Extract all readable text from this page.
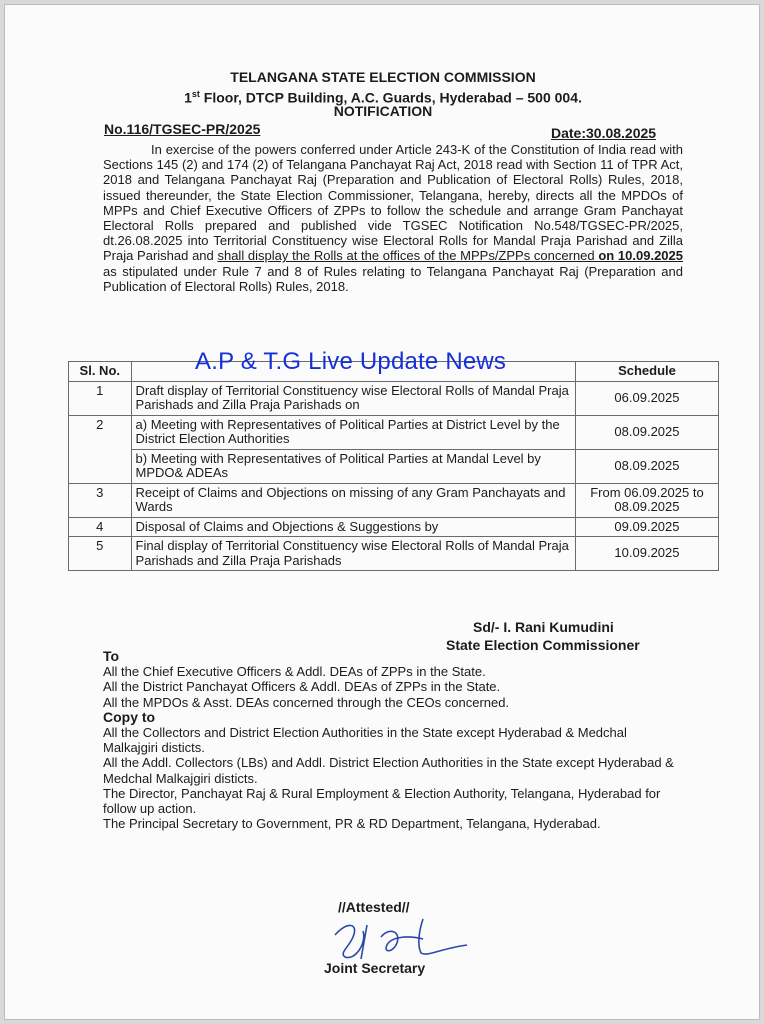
TELANGANA STATE ELECTION COMMISSION
1st Floor, DTCP Building, A.C. Guards, Hyderabad – 500 004.
NOTIFICATION
No.116/TGSEC-PR/2025	Date:30.08.2025

In exercise of the powers conferred under Article 243-K of the Constitution of India read with Sections 145 (2) and 174 (2) of Telangana Panchayat Raj Act, 2018 read with Section 11 of TPR Act, 2018 and Telangana Panchayat Raj (Preparation and Publication of Electoral Rolls) Rules, 2018, issued thereunder, the State Election Commissioner, Telangana, hereby, directs all the MPDOs of MPPs and Chief Executive Officers of ZPPs to follow the schedule and arrange Gram Panchayat Electoral Rolls prepared and published vide TGSEC Notification No.548/TGSEC-PR/2025, dt.26.08.2025 into Territorial Constituency wise Electoral Rolls for Mandal Praja Parishad and Zilla Praja Parishad and shall display the Rolls at the offices of the MPPs/ZPPs concerned on 10.09.2025 as stipulated under Rule 7 and 8 of Rules relating to Telangana Panchayat Raj (Preparation and Publication of Electoral Rolls) Rules, 2018.

Sl. No.		Schedule
1	Draft display of Territorial Constituency wise Electoral Rolls of Mandal Praja Parishads and Zilla Praja Parishads on	06.09.2025
2	a) Meeting with Representatives of Political Parties at District Level by the District Election Authorities	08.09.2025
	b) Meeting with Representatives of Political Parties at Mandal Level by MPDO& ADEAs	08.09.2025
3	Receipt of Claims and Objections on missing of any Gram Panchayats and Wards	From 06.09.2025 to 08.09.2025
4	Disposal of Claims and Objections & Suggestions by	09.09.2025
5	Final display of Territorial Constituency wise Electoral Rolls of Mandal Praja Parishads and Zilla Praja Parishads	10.09.2025
A.P & T.G Live Update News
Sd/- I. Rani Kumudini
State Election Commissioner
To
All the Chief Executive Officers & Addl. DEAs of ZPPs in the State.
All the District Panchayat Officers & Addl. DEAs of ZPPs in the State.
All the MPDOs & Asst. DEAs concerned through the CEOs concerned.
Copy to
All the Collectors and District Election Authorities in the State except Hyderabad & Medchal Malkajgiri disticts.
All the Addl. Collectors (LBs) and Addl. District Election Authorities in the State except Hyderabad & Medchal Malkajgiri disticts.
The Director, Panchayat Raj & Rural Employment & Election Authority, Telangana, Hyderabad for follow up action.
The Principal Secretary to Government, PR & RD Department, Telangana, Hyderabad.
//Attested//
Joint Secretary
